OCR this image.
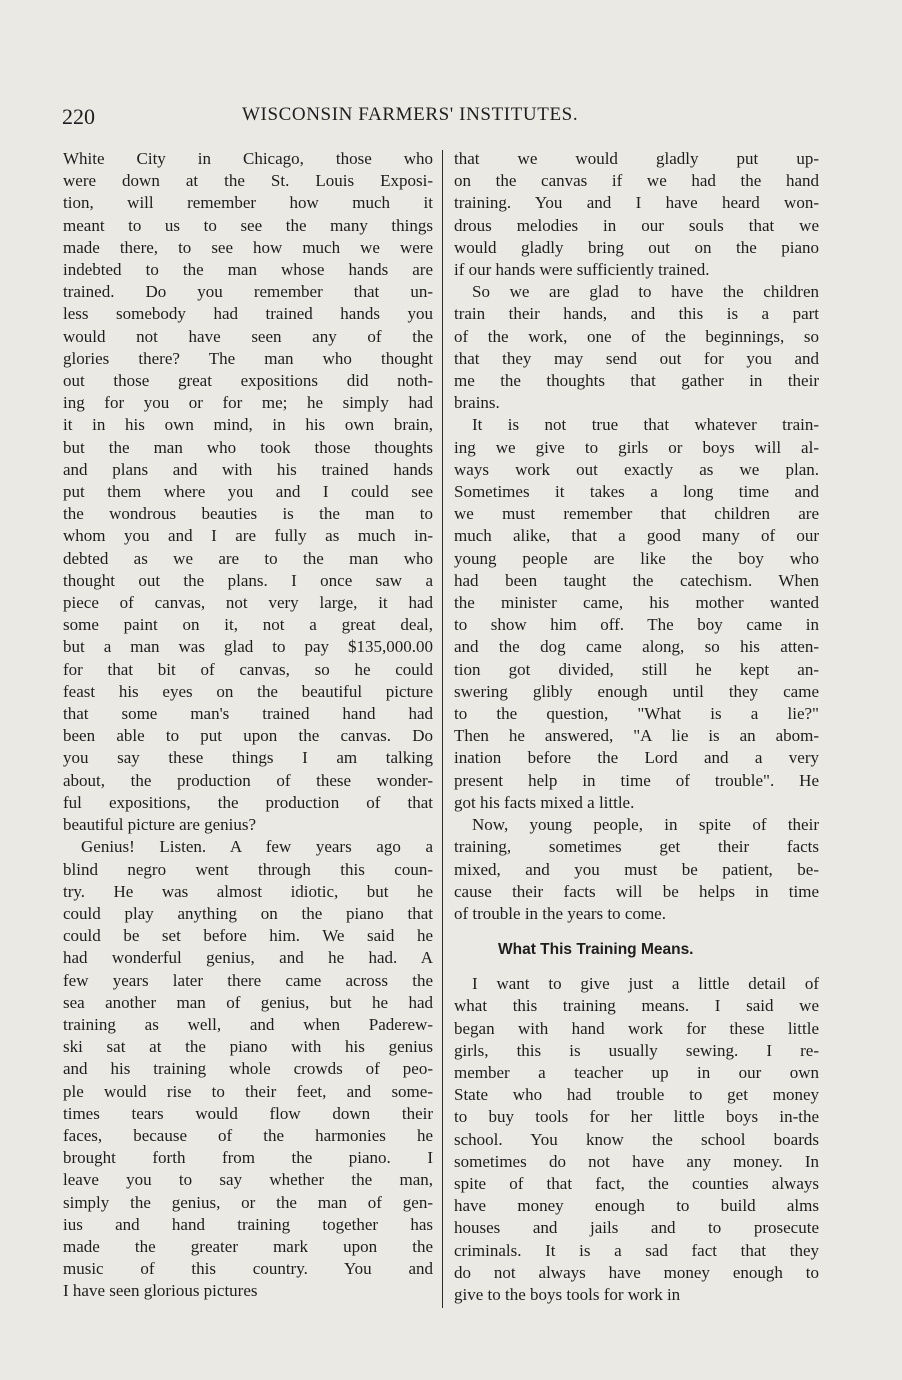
220	WISCONSIN FARMERS' INSTITUTES.
White City in Chicago, those who
were down at the St. Louis Exposi-
tion, will remember how much it
meant to us to see the many things
made there, to see how much we were
indebted to the man whose hands are
trained. Do you remember that un-
less somebody had trained hands you
would not have seen any of the
glories there? The man who thought
out those great expositions did noth-
ing for you or for me; he simply had
it in his own mind, in his own brain,
but the man who took those thoughts
and plans and with his trained hands
put them where you and I could see
the wondrous beauties is the man to
whom you and I are fully as much in-
debted as we are to the man who
thought out the plans. I once saw a
piece of canvas, not very large, it had
some paint on it, not a great deal,
but a man was glad to pay $135,000.00
for that bit of canvas, so he could
feast his eyes on the beautiful picture
that some man's trained hand had
been able to put upon the canvas. Do
you say these things I am talking
about, the production of these wonder-
ful expositions, the production of that
beautiful picture are genius?
Genius! Listen. A few years ago a
blind negro went through this coun-
try. He was almost idiotic, but he
could play anything on the piano that
could be set before him. We said he
had wonderful genius, and he had. A
few years later there came across the
sea another man of genius, but he had
training as well, and when Paderew-
ski sat at the piano with his genius
and his training whole crowds of peo-
ple would rise to their feet, and some-
times tears would flow down their
faces, because of the harmonies he
brought forth from the piano. I
leave you to say whether the man,
simply the genius, or the man of gen-
ius and hand training together has
made the greater mark upon the
music of this country. You and
I have seen glorious pictures
that we would gladly put up-
on the canvas if we had the hand
training. You and I have heard won-
drous melodies in our souls that we
would gladly bring out on the piano
if our hands were sufficiently trained.
So we are glad to have the children
train their hands, and this is a part
of the work, one of the beginnings, so
that they may send out for you and
me the thoughts that gather in their
brains.
It is not true that whatever train-
ing we give to girls or boys will al-
ways work out exactly as we plan.
Sometimes it takes a long time and
we must remember that children are
much alike, that a good many of our
young people are like the boy who
had been taught the catechism. When
the minister came, his mother wanted
to show him off. The boy came in
and the dog came along, so his atten-
tion got divided, still he kept an-
swering glibly enough until they came
to the question, "What is a lie?"
Then he answered, "A lie is an abom-
ination before the Lord and a very
present help in time of trouble". He
got his facts mixed a little.
Now, young people, in spite of their
training, sometimes get their facts
mixed, and you must be patient, be-
cause their facts will be helps in time
of trouble in the years to come.
What This Training Means.
I want to give just a little detail of
what this training means. I said we
began with hand work for these little
girls, this is usually sewing. I re-
member a teacher up in our own
State who had trouble to get money
to buy tools for her little boys in-the
school. You know the school boards
sometimes do not have any money. In
spite of that fact, the counties always
have money enough to build alms
houses and jails and to prosecute
criminals. It is a sad fact that they
do not always have money enough to
give to the boys tools for work in
